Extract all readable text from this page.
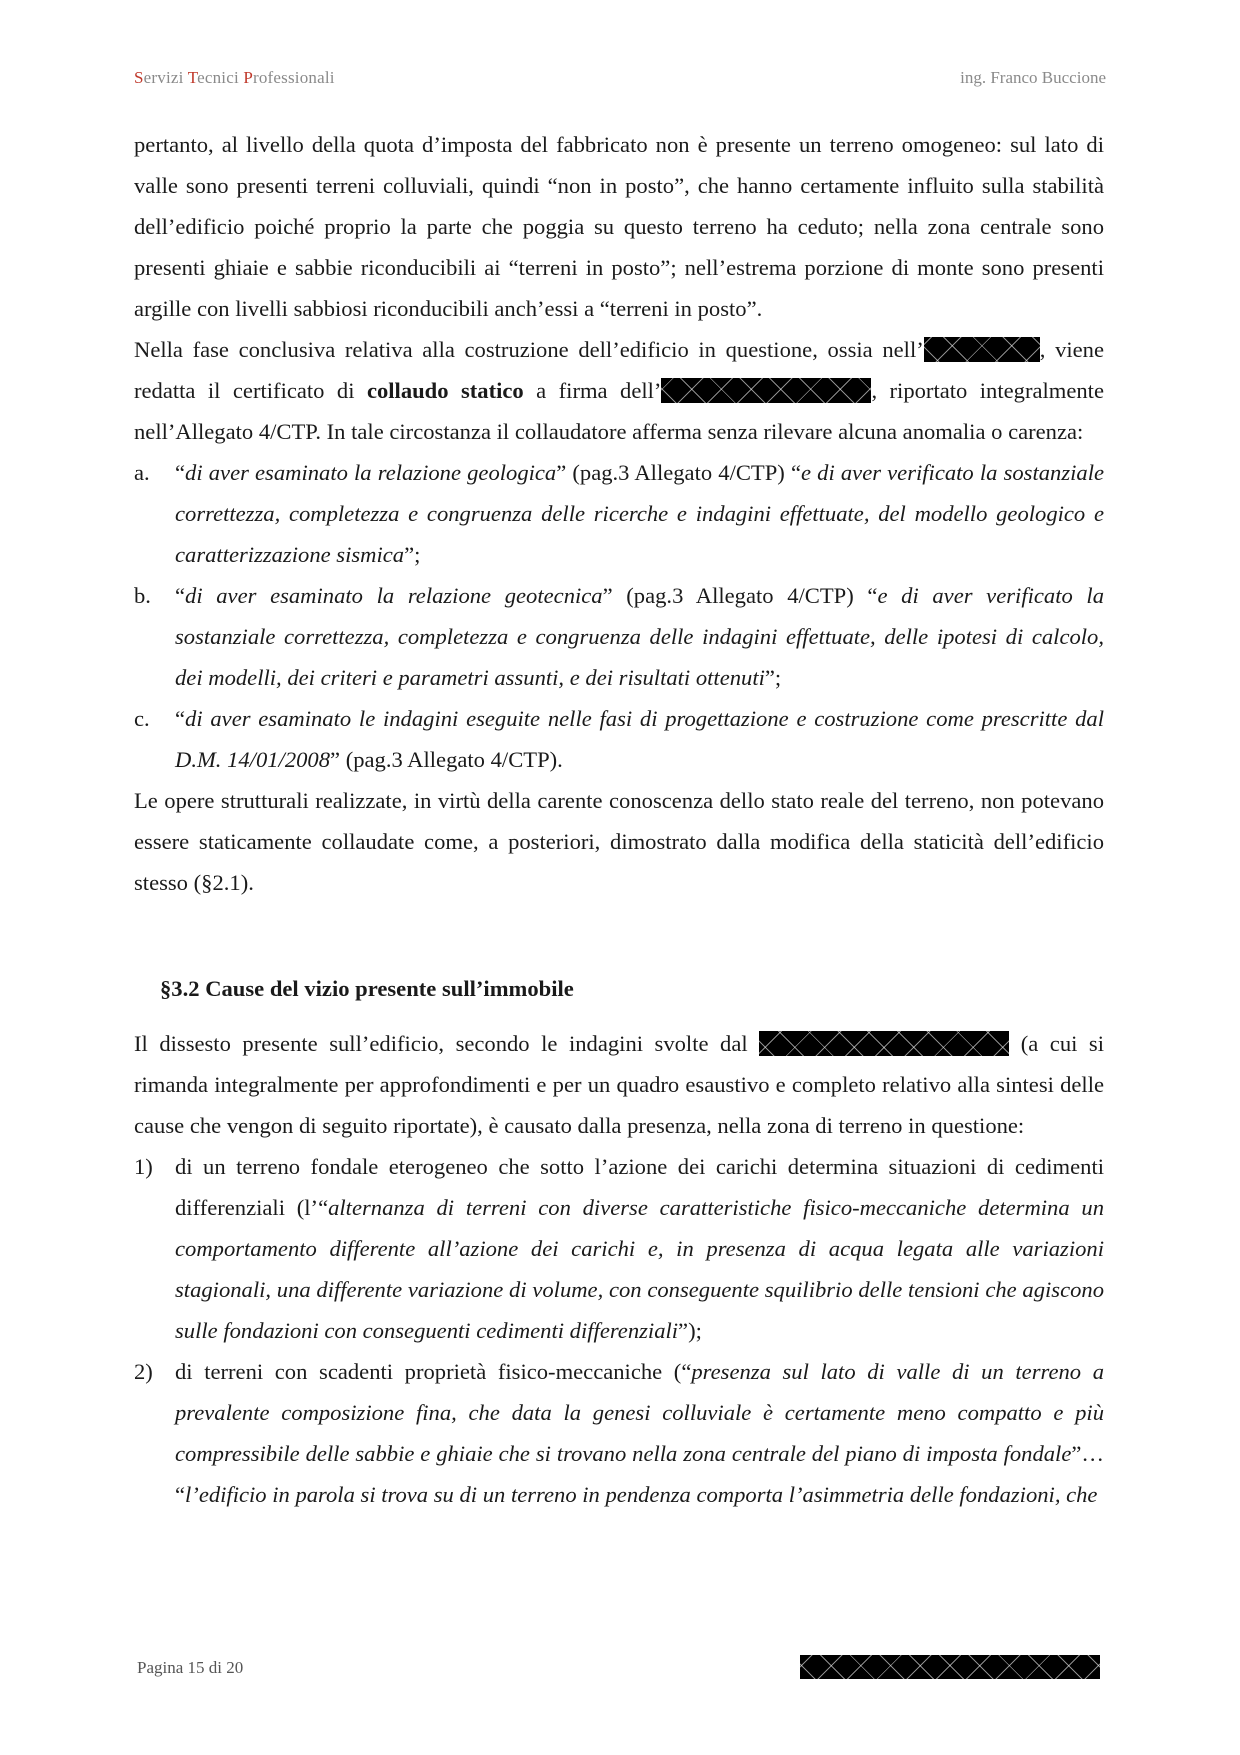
Servizi Tecnici Professionali	ing. Franco Buccione

pertanto, al livello della quota d’imposta del fabbricato non è presente un terreno omogeneo: sul lato di valle sono presenti terreni colluviali, quindi “non in posto”, che hanno certamente influito sulla stabilità dell’edificio poiché proprio la parte che poggia su questo terreno ha ceduto; nella zona centrale sono presenti ghiaie e sabbie riconducibili ai “terreni in posto”; nell’estrema porzione di monte sono presenti argille con livelli sabbiosi riconducibili anch’essi a “terreni in posto”.

Nella fase conclusiva relativa alla costruzione dell’edificio in questione, ossia nell’	, viene redatta il certificato di collaudo statico a firma dell’	, riportato integralmente nell’Allegato 4/CTP. In tale circostanza il collaudatore afferma senza rilevare alcuna anomalia o carenza:

a. “di aver esaminato la relazione geologica” (pag.3 Allegato 4/CTP) “e di aver verificato la sostanziale correttezza, completezza e congruenza delle ricerche e indagini effettuate, del modello geologico e caratterizzazione sismica”;

b. “di aver esaminato la relazione geotecnica” (pag.3 Allegato 4/CTP) “e di aver verificato la sostanziale correttezza, completezza e congruenza delle indagini effettuate, delle ipotesi di calcolo, dei modelli, dei criteri e parametri assunti, e dei risultati ottenuti”;

c. “di aver esaminato le indagini eseguite nelle fasi di progettazione e costruzione come prescritte dal D.M. 14/01/2008” (pag.3 Allegato 4/CTP).

Le opere strutturali realizzate, in virtù della carente conoscenza dello stato reale del terreno, non potevano essere staticamente collaudate come, a posteriori, dimostrato dalla modifica della staticità dell’edificio stesso (§2.1).

§3.2 Cause del vizio presente sull’immobile

Il dissesto presente sull’edificio, secondo le indagini svolte dal	(a cui si rimanda integralmente per approfondimenti e per un quadro esaustivo e completo relativo alla sintesi delle cause che vengon di seguito riportate), è causato dalla presenza, nella zona di terreno in questione:

1) di un terreno fondale eterogeneo che sotto l’azione dei carichi determina situazioni di cedimenti differenziali (l’“alternanza di terreni con diverse caratteristiche fisico-meccaniche determina un comportamento differente all’azione dei carichi e, in presenza di acqua legata alle variazioni stagionali, una differente variazione di volume, con conseguente squilibrio delle tensioni che agiscono sulle fondazioni con conseguenti cedimenti differenziali”);

2) di terreni con scadenti proprietà fisico-meccaniche (“presenza sul lato di valle di un terreno a prevalente composizione fina, che data la genesi colluviale è certamente meno compatto e più compressibile delle sabbie e ghiaie che si trovano nella zona centrale del piano di imposta fondale”… “l’edificio in parola si trova su di un terreno in pendenza comporta l’asimmetria delle fondazioni, che

Pagina 15 di 20
